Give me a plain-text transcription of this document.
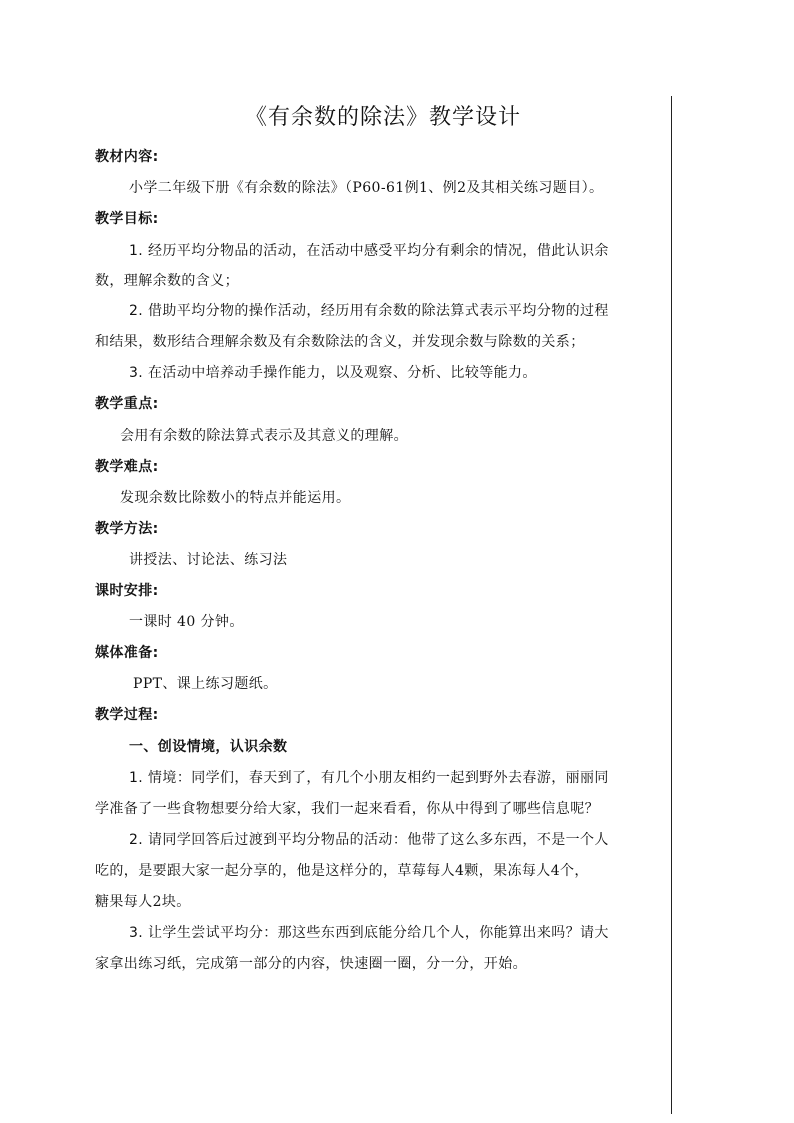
《有余数的除法》教学设计
教材内容:
小学二年级下册《有余数的除法》（P60-61例1、例2及其相关练习题目）。
教学目标:
1. 经历平均分物品的活动，在活动中感受平均分有剩余的情况，借此认识余
数，理解余数的含义；
2. 借助平均分物的操作活动，经历用有余数的除法算式表示平均分物的过程
和结果，数形结合理解余数及有余数除法的含义，并发现余数与除数的关系；
3. 在活动中培养动手操作能力，以及观察、分析、比较等能力。
教学重点:
会用有余数的除法算式表示及其意义的理解。
教学难点:
发现余数比除数小的特点并能运用。
教学方法:
讲授法、讨论法、练习法
课时安排:
一课时 40 分钟。
媒体准备:
PPT、课上练习题纸。
教学过程:
一、创设情境，认识余数
1. 情境：同学们，春天到了，有几个小朋友相约一起到野外去春游，丽丽同
学准备了一些食物想要分给大家，我们一起来看看，你从中得到了哪些信息呢？
2. 请同学回答后过渡到平均分物品的活动：他带了这么多东西，不是一个人
吃的，是要跟大家一起分享的，他是这样分的，草莓每人4颗，果冻每人4个，
糖果每人2块。
3. 让学生尝试平均分：那这些东西到底能分给几个人，你能算出来吗？请大
家拿出练习纸，完成第一部分的内容，快速圈一圈，分一分，开始。
